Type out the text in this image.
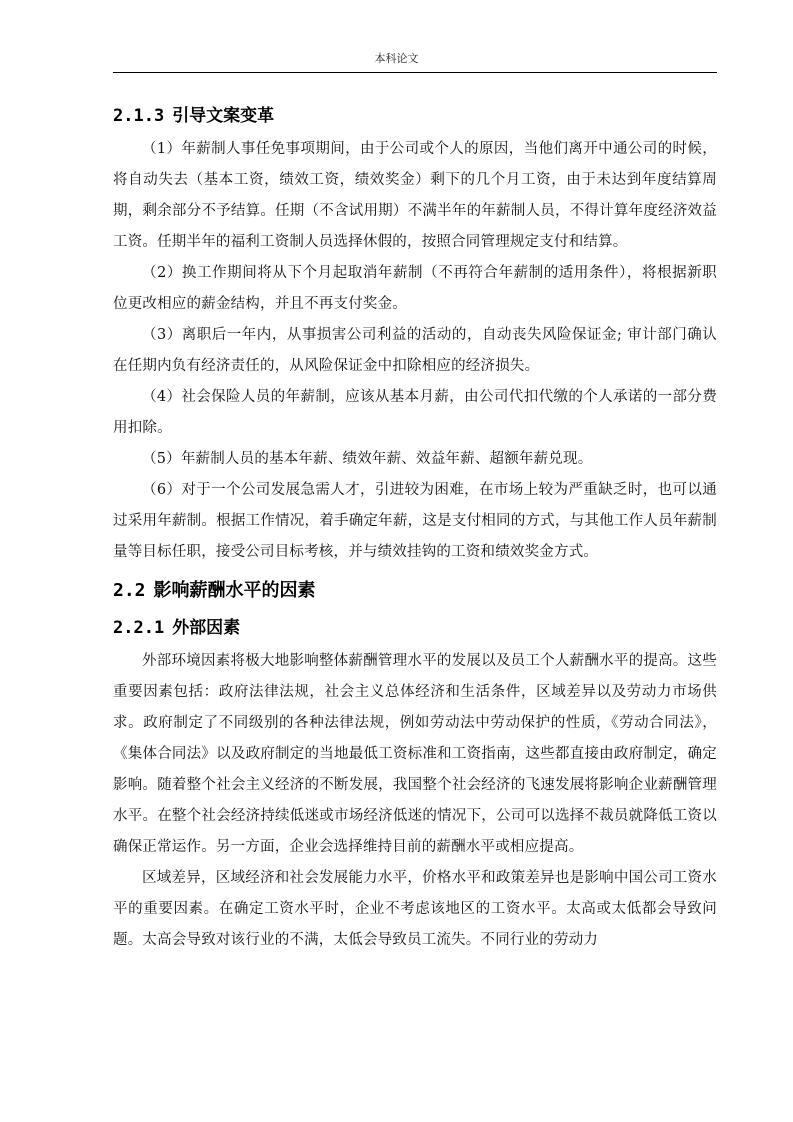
本科论文
2.1.3 引导文案变革

（1）年薪制人事任免事项期间，由于公司或个人的原因，当他们离开中通公司的时候，将自动失去（基本工资，绩效工资，绩效奖金）剩下的几个月工资，由于未达到年度结算周期，剩余部分不予结算。任期（不含试用期）不满半年的年薪制人员，不得计算年度经济效益工资。任期半年的福利工资制人员选择休假的，按照合同管理规定支付和结算。

（2）换工作期间将从下个月起取消年薪制（不再符合年薪制的适用条件），将根据新职位更改相应的薪金结构，并且不再支付奖金。

（3）离职后一年内，从事损害公司利益的活动的，自动丧失风险保证金; 审计部门确认在任期内负有经济责任的，从风险保证金中扣除相应的经济损失。

（4）社会保险人员的年薪制，应该从基本月薪，由公司代扣代缴的个人承诺的一部分费用扣除。

（5）年薪制人员的基本年薪、绩效年薪、效益年薪、超额年薪兑现。

（6）对于一个公司发展急需人才，引进较为困难，在市场上较为严重缺乏时，也可以通过采用年薪制。根据工作情况，着手确定年薪，这是支付相同的方式，与其他工作人员年薪制量等目标任职，接受公司目标考核，并与绩效挂钩的工资和绩效奖金方式。

2.2 影响薪酬水平的因素
2.2.1 外部因素

外部环境因素将极大地影响整体薪酬管理水平的发展以及员工个人薪酬水平的提高。这些重要因素包括：政府法律法规，社会主义总体经济和生活条件，区域差异以及劳动力市场供求。政府制定了不同级别的各种法律法规，例如劳动法中劳动保护的性质，《劳动合同法》，《集体合同法》以及政府制定的当地最低工资标准和工资指南，这些都直接由政府制定，确定影响。随着整个社会主义经济的不断发展，我国整个社会经济的飞速发展将影响企业薪酬管理水平。在整个社会经济持续低迷或市场经济低迷的情况下，公司可以选择不裁员就降低工资以确保正常运作。另一方面，企业会选择维持目前的薪酬水平或相应提高。

区域差异，区域经济和社会发展能力水平，价格水平和政策差异也是影响中国公司工资水平的重要因素。在确定工资水平时，企业不考虑该地区的工资水平。太高或太低都会导致问题。太高会导致对该行业的不满，太低会导致员工流失。不同行业的劳动力
